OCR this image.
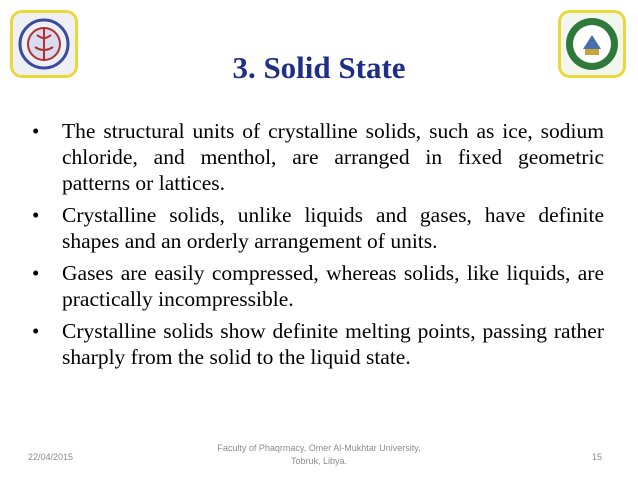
3. Solid State
• The structural units of crystalline solids, such as ice, sodium chloride, and menthol, are arranged in fixed geometric patterns or lattices.
• Crystalline solids, unlike liquids and gases, have definite shapes and an orderly arrangement of units.
• Gases are easily compressed, whereas solids, like liquids, are practically incompressible.
• Crystalline solids show definite melting points, passing rather sharply from the solid to the liquid state.
22/04/2015
Faculty of Phaqrmacy, Omer Al-Mukhtar University,
Tobruk, Libya.	15
